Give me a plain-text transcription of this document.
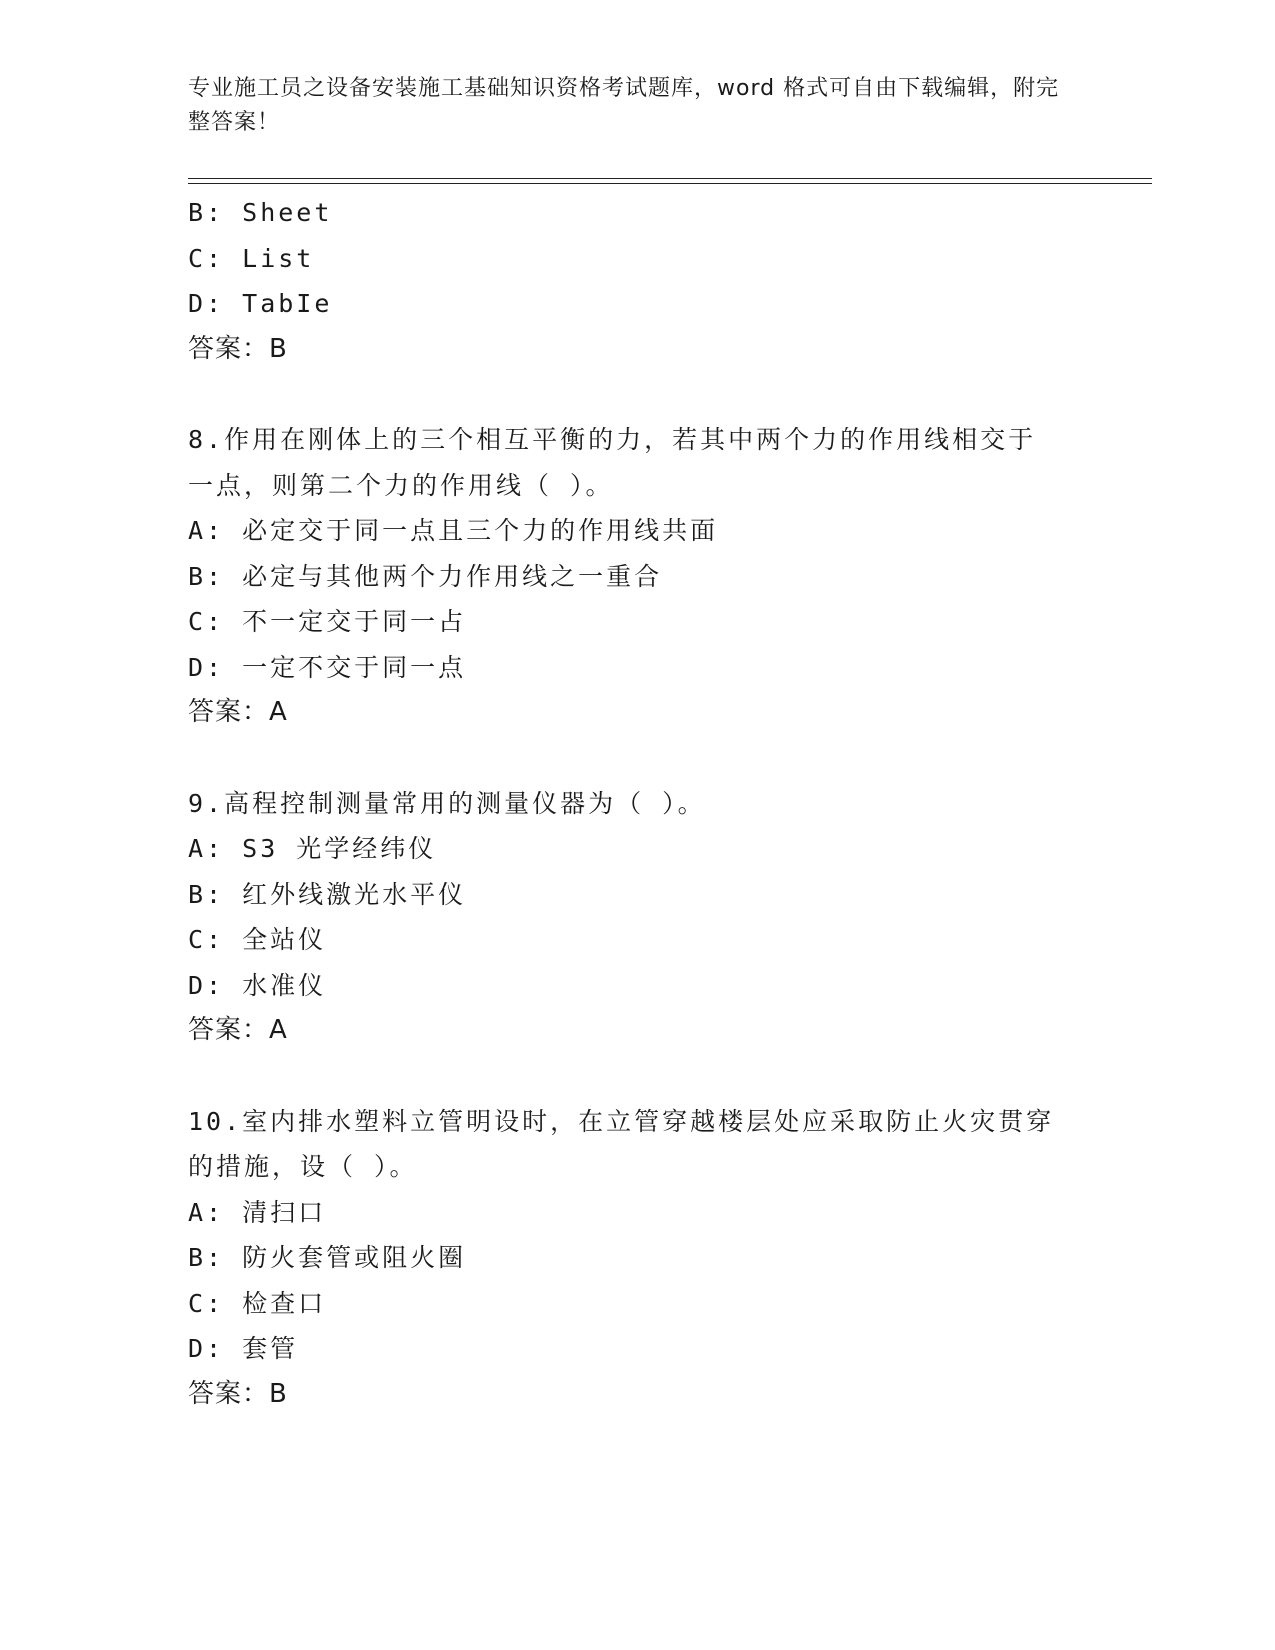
专业施工员之设备安装施工基础知识资格考试题库，word 格式可自由下载编辑，附完整答案！
B: Sheet
C: List
D: TabIe
答案：B
8.作用在刚体上的三个相互平衡的力，若其中两个力的作用线相交于
一点，则第二个力的作用线（ ）。
A: 必定交于同一点且三个力的作用线共面
B: 必定与其他两个力作用线之一重合
C: 不一定交于同一占
D: 一定不交于同一点
答案：A
9.高程控制测量常用的测量仪器为（ ）。
A: S3 光学经纬仪
B: 红外线激光水平仪
C: 全站仪
D: 水准仪
答案：A
10.室内排水塑料立管明设时，在立管穿越楼层处应采取防止火灾贯穿
的措施，设（ ）。
A: 清扫口
B: 防火套管或阻火圈
C: 检查口
D: 套管
答案：B
